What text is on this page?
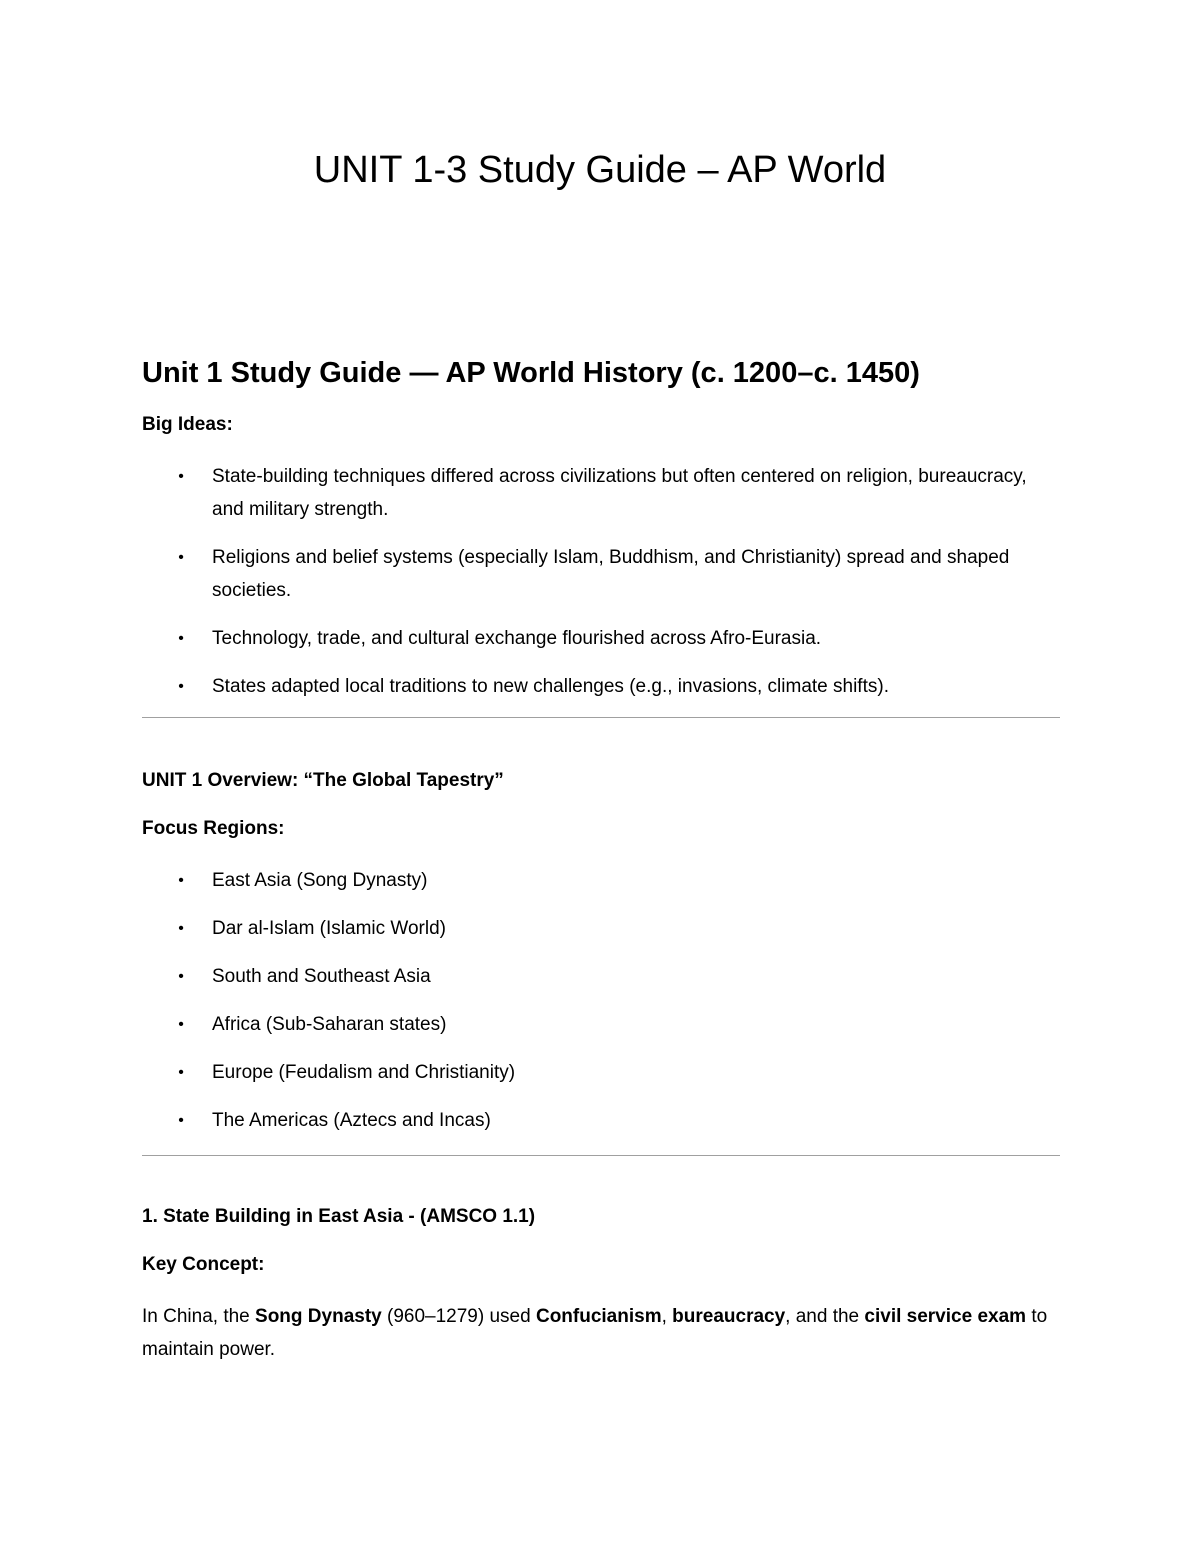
UNIT 1-3 Study Guide – AP World
Unit 1 Study Guide — AP World History (c. 1200–c. 1450)
Big Ideas:
• State-building techniques differed across civilizations but often centered on religion, bureaucracy, and military strength.
• Religions and belief systems (especially Islam, Buddhism, and Christianity) spread and shaped societies.
• Technology, trade, and cultural exchange flourished across Afro-Eurasia.
• States adapted local traditions to new challenges (e.g., invasions, climate shifts).
UNIT 1 Overview: “The Global Tapestry”
Focus Regions:
• East Asia (Song Dynasty)
• Dar al-Islam (Islamic World)
• South and Southeast Asia
• Africa (Sub-Saharan states)
• Europe (Feudalism and Christianity)
• The Americas (Aztecs and Incas)
1. State Building in East Asia - (AMSCO 1.1)
Key Concept:

In China, the Song Dynasty (960–1279) used Confucianism, bureaucracy, and the civil service exam to maintain power.
